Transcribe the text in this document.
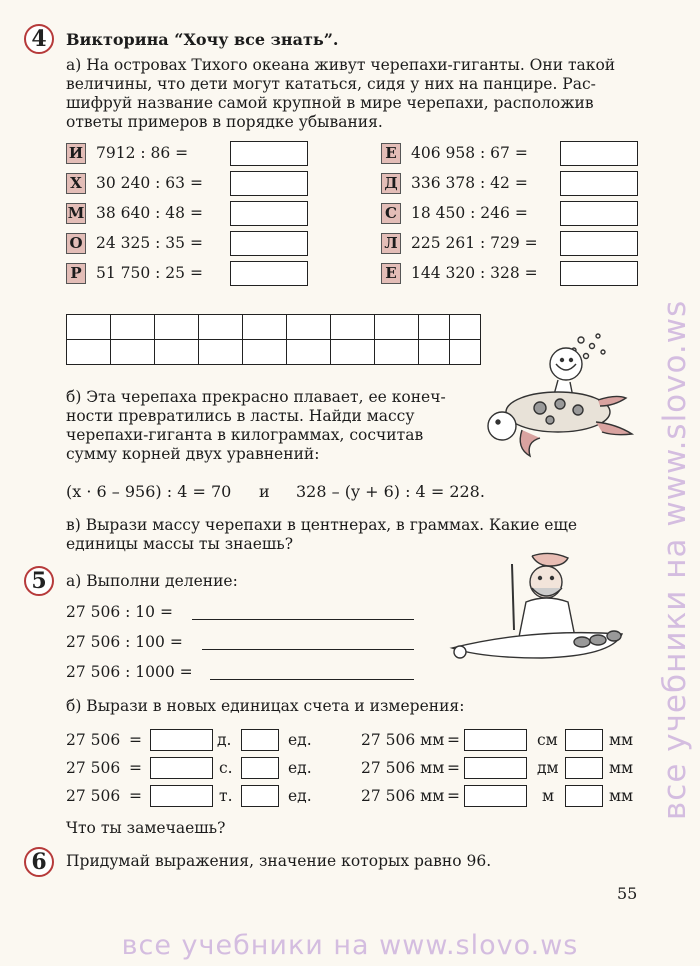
все учебники на www.slovo.ws
4	Викторина “Хочу все знать”.
а) На островах Тихого океана живут черепахи-гиганты. Они такой
величины, что дети могут кататься, сидя у них на панцире. Рас-
шифруй название самой крупной в мире черепахи, расположив
ответы примеров в порядке убывания.
И 7912 : 86 =
Х 30 240 : 63 =
М 38 640 : 48 =
О 24 325 : 35 =
Р 51 750 : 25 =
Е 406 958 : 67 =
Д 336 378 : 42 =
С 18 450 : 246 =
Л 225 261 : 729 =
Е 144 320 : 328 =

б) Эта черепаха прекрасно плавает, ее конеч-
ности превратились в ласты. Найди массу
черепахи-гиганта в килограммах, сосчитав
сумму корней двух уравнений:
(x · 6 – 956) : 4 = 70 и 328 – (y + 6) : 4 = 228.
в) Вырази массу черепахи в центнерах, в граммах. Какие еще
единицы массы ты знаешь?
5	а) Выполни деление:
27 506 : 10 =
27 506 : 100 =
27 506 : 1000 =
б) Вырази в новых единицах счета и измерения:
27 506 =	д.	ед.
27 506 =	с.	ед.
27 506 =	т.	ед.
27 506 мм =	см	мм
27 506 мм =	дм	мм
27 506 мм =	м	мм
Что ты замечаешь?
6	Придумай выражения, значение которых равно 96.
55
все учебники на www.slovo.ws
